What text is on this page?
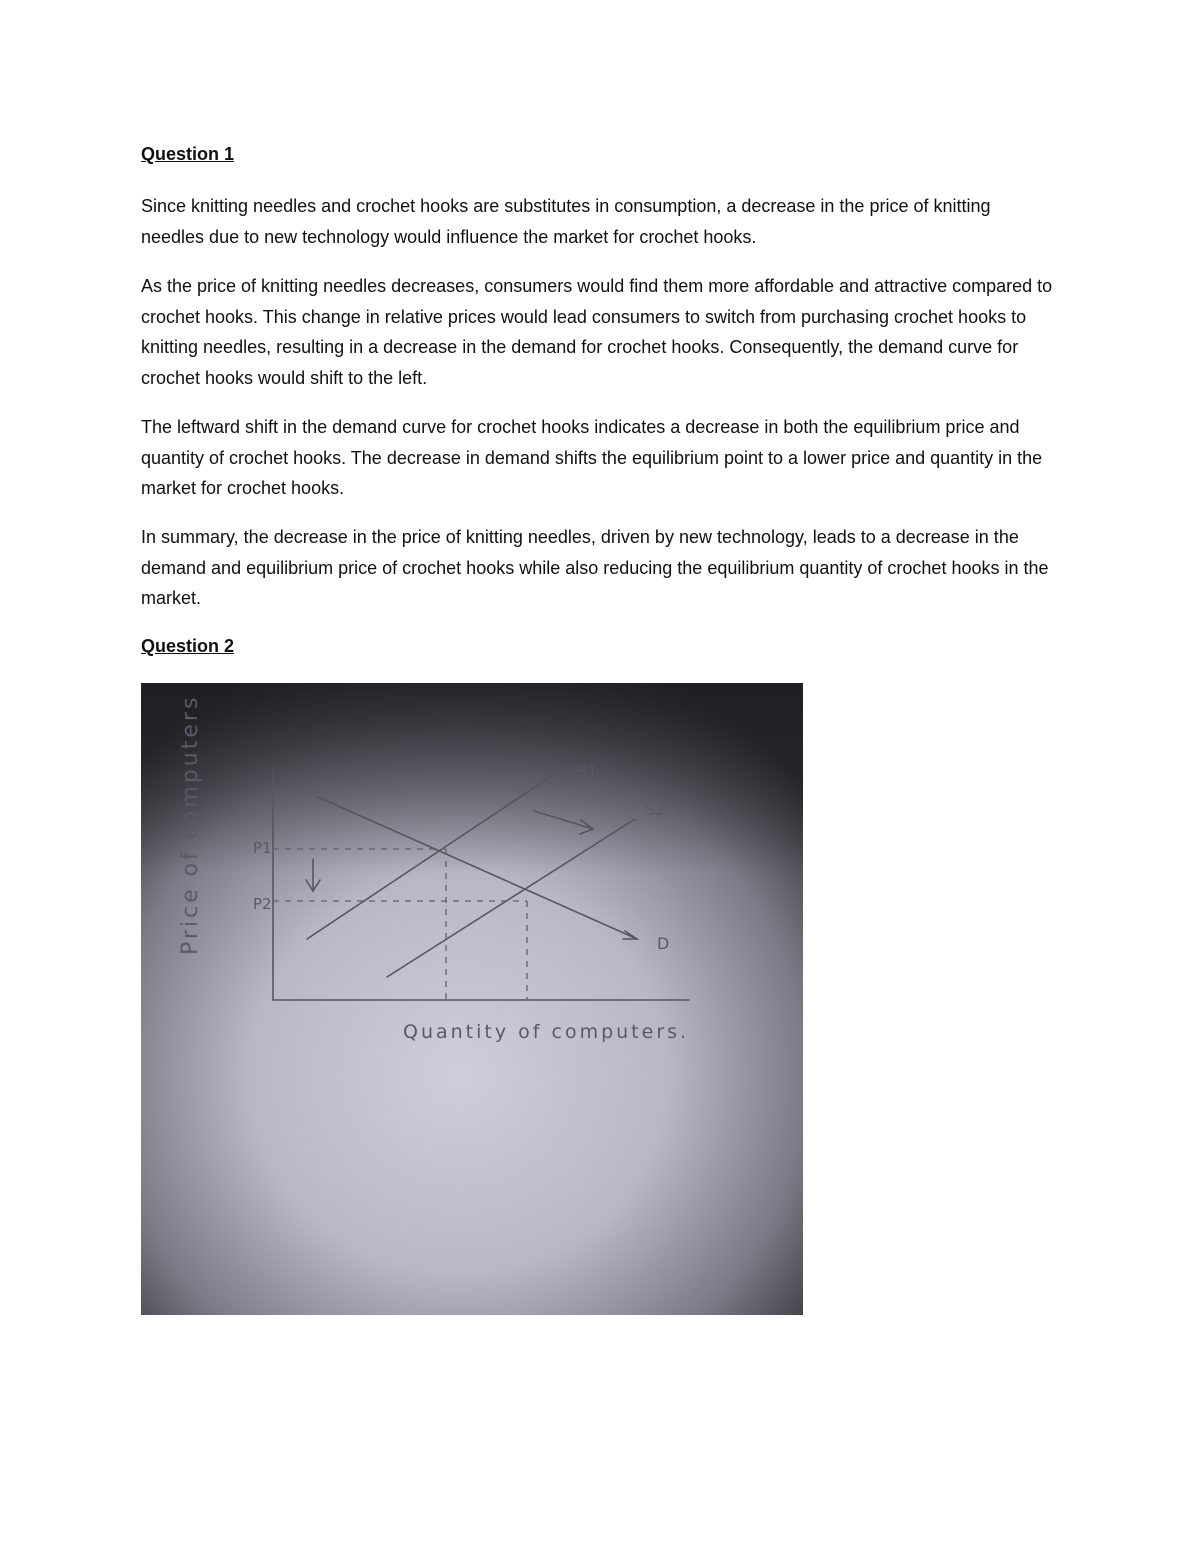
Question 1

Since knitting needles and crochet hooks are substitutes in consumption, a decrease in the price of knitting needles due to new technology would influence the market for crochet hooks.

As the price of knitting needles decreases, consumers would find them more affordable and attractive compared to crochet hooks. This change in relative prices would lead consumers to switch from purchasing crochet hooks to knitting needles, resulting in a decrease in the demand for crochet hooks. Consequently, the demand curve for crochet hooks would shift to the left.

The leftward shift in the demand curve for crochet hooks indicates a decrease in both the equilibrium price and quantity of crochet hooks. The decrease in demand shifts the equilibrium point to a lower price and quantity in the market for crochet hooks.

In summary, the decrease in the price of knitting needles, driven by new technology, leads to a decrease in the demand and equilibrium price of crochet hooks while also reducing the equilibrium quantity of crochet hooks in the market.

Question 2
Price of computers
Quantity of computers.
P1
P2
S1
S2
D
